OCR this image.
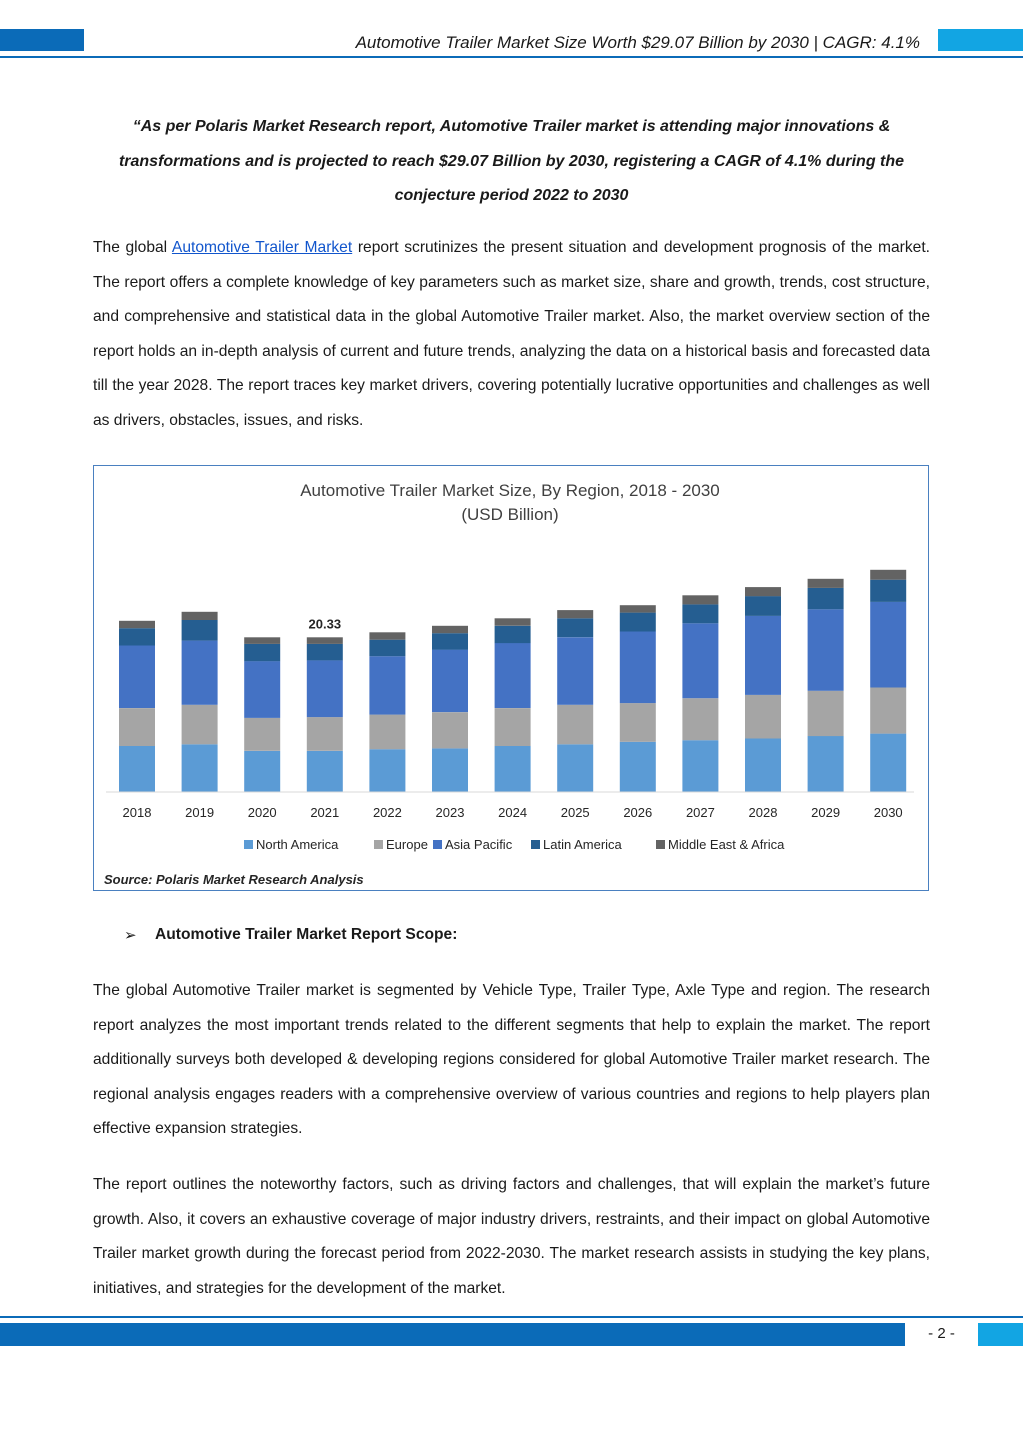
Automotive Trailer Market Size Worth $29.07 Billion by 2030 | CAGR: 4.1%
“As per Polaris Market Research report, Automotive Trailer market is attending major innovations & transformations and is projected to reach $29.07 Billion by 2030, registering a CAGR of 4.1% during the conjecture period 2022 to 2030
The global Automotive Trailer Market report scrutinizes the present situation and development prognosis of the market. The report offers a complete knowledge of key parameters such as market size, share and growth, trends, cost structure, and comprehensive and statistical data in the global Automotive Trailer market. Also, the market overview section of the report holds an in-depth analysis of current and future trends, analyzing the data on a historical basis and forecasted data till the year 2028. The report traces key market drivers, covering potentially lucrative opportunities and challenges as well as drivers, obstacles, issues, and risks.
Automotive Trailer Market Size, By Region, 2018 - 2030
(USD Billion)
2018	2019	2020	2021	2022	2023	2024	2025	2026	2027	2028	2029	2030
20.33
North America	Europe Asia Pacific Latin America	Middle East & Africa
Source: Polaris Market Research Analysis
➢ Automotive Trailer Market Report Scope:
The global Automotive Trailer market is segmented by Vehicle Type, Trailer Type, Axle Type and region. The research report analyzes the most important trends related to the different segments that help to explain the market. The report additionally surveys both developed & developing regions considered for global Automotive Trailer market research. The regional analysis engages readers with a comprehensive overview of various countries and regions to help players plan effective expansion strategies.
The report outlines the noteworthy factors, such as driving factors and challenges, that will explain the market’s future growth. Also, it covers an exhaustive coverage of major industry drivers, restraints, and their impact on global Automotive Trailer market growth during the forecast period from 2022-2030. The market research assists in studying the key plans, initiatives, and strategies for the development of the market.
- 2 -
